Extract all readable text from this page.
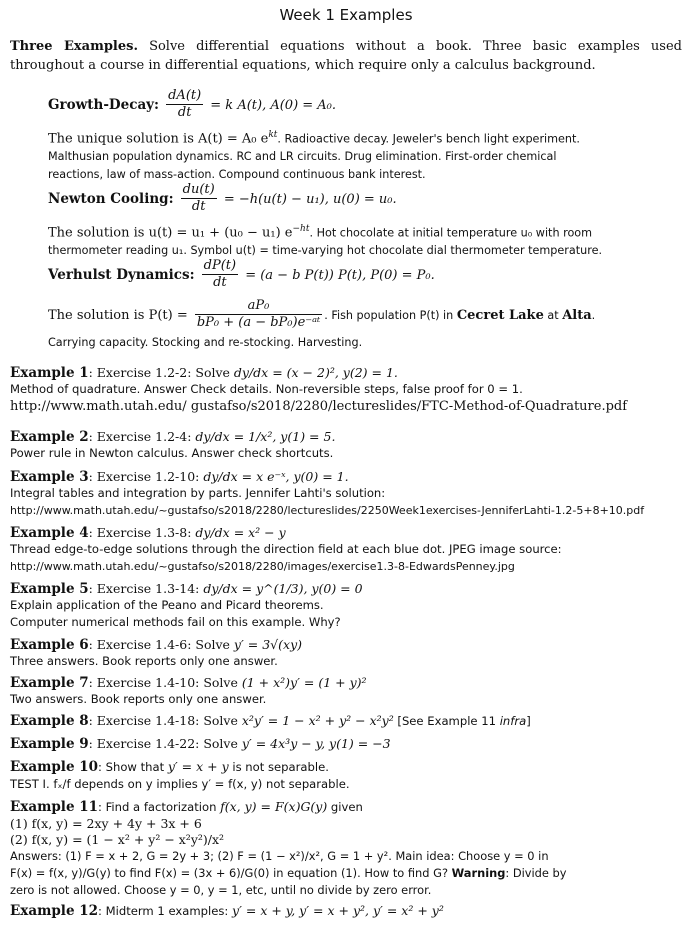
Week 1 Examples
Three Examples. Solve differential equations without a book. Three basic examples used throughout a course in differential equations, which require only a calculus background.
Growth-Decay: $\frac{dA(t)}{dt} = k$ A(t), A(0) = A₀.
The unique solution is A(t) = A₀ $e^{kt}$. Radioactive decay. Jeweler's bench light experiment.
Malthusian population dynamics. RC and LR circuits. Drug elimination. First-order chemical
reactions, law of mass-action. Compound continuous bank interest.
Newton Cooling: $\frac{du(t)}{dt} = -h(u(t) - u_1)$, u(0) = u₀.
The solution is u(t) = u₁ + (u₀ − u₁) $e^{-ht}$. Hot chocolate at initial temperature u₀ with room
thermometer reading u₁. Symbol u(t) = time-varying hot chocolate dial thermometer temperature.
Verhulst Dynamics: $\frac{dP(t)}{dt} = (a - b$ P(t)) P(t), P(0) = P₀.
The solution is $P(t) = \frac{\text{aP₀}}{\text{bP₀ + (a − bP₀)e⁻ᵃᵗ}}$ . Fish population P(t) in Cecret Lake at Alta.
Carrying capacity. Stocking and re-stocking. Harvesting.
Example 1: Exercise 1.2-2: Solve dy/dx = (x − 2)², y(2) = 1.
Method of quadrature. Answer Check details. Non-reversible steps, false proof for 0 = 1.
http://www.math.utah.edu/ gustafso/s2018/2280/lectureslides/FTC-Method-of-Quadrature.pdf
Example 2: Exercise 1.2-4: dy/dx = 1/x², y(1) = 5.
Power rule in Newton calculus. Answer check shortcuts.
Example 3: Exercise 1.2-10: dy/dx = x e⁻ˣ, y(0) = 1.
Integral tables and integration by parts. Jennifer Lahti's solution:
http://www.math.utah.edu/~gustafso/s2018/2280/lectureslides/2250Week1exercises-JenniferLahti-1.2-5+8+10.pdf
Example 4: Exercise 1.3-8: dy/dx = x² − y
Thread edge-to-edge solutions through the direction field at each blue dot. JPEG image source:
http://www.math.utah.edu/~gustafso/s2018/2280/images/exercise1.3-8-EdwardsPenney.jpg
Example 5: Exercise 1.3-14: dy/dx = y^(1/3), y(0) = 0
Explain application of the Peano and Picard theorems.
Computer numerical methods fail on this example. Why?
Example 6: Exercise 1.4-6: Solve y′ = 3√(xy)
Three answers. Book reports only one answer.
Example 7: Exercise 1.4-10: Solve (1 + x²)y′ = (1 + y)²
Two answers. Book reports only one answer.
Example 8: Exercise 1.4-18: Solve x²y′ = 1 − x² + y² − x²y² [See Example 11 infra]
Example 9: Exercise 1.4-22: Solve y′ = 4x³y − y, y(1) = −3
Example 10: Show that y′ = x + y is not separable.
TEST I. fₓ/f depends on y implies y′ = f(x, y) not separable.
Example 11: Find a factorization f(x, y) = F(x)G(y) given
(1) f(x, y) = 2xy + 4y + 3x + 6
(2) f(x, y) = (1 − x² + y² − x²y²)/x²
Answers: (1) F = x + 2, G = 2y + 3; (2) F = (1 − x²)/x², G = 1 + y². Main idea: Choose y = 0 in
F(x) = f(x, y)/G(y) to find F(x) = (3x + 6)/G(0) in equation (1). How to find G? Warning: Divide by
zero is not allowed. Choose y = 0, y = 1, etc, until no divide by zero error.
Example 12: Midterm 1 examples: y′ = x + y, y′ = x + y², y′ = x² + y²
